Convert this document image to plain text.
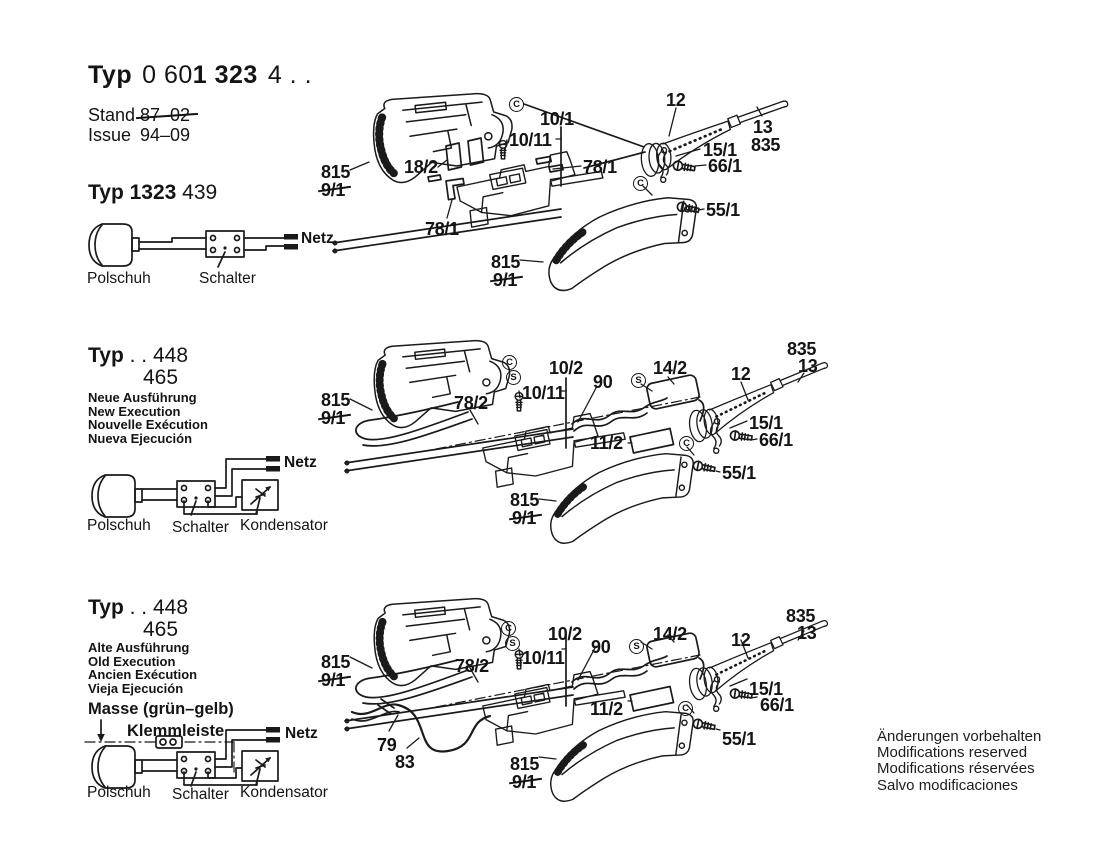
Typ 0 601 323 4 . .
Stand 87–02
Issue 94–09
Typ 1323 439
Polschuh	Schalter
Netz
Typ . . 448
465
Neue Ausführung
New Execution
Nouvelle Exécution
Nueva Ejecución
Polschuh Schalter Kondensator
Netz
Typ . . 448
465
Alte Ausführung
Old Execution
Ancien Exécution
Vieja Ejecución
Masse (grün–gelb)
Klemmleiste
Polschuh Schalter Kondensator
Netz	Änderungen vorbehalten
Modifications reserved
Modifications réservées
Salvo modificaciones
815
9/1
18/2
78/1
10/11
10/1
78/1
12
13
835
15/1
66/1
55/1
815
9/1
C
C
815
9/1
78/2 10/11
10/2
90
14/2 12
835
13
15/1
66/1
11/2
55/1
815
9/1
C
S	S
C
815
9/1
78/2 10/11
10/2
90
14/2 12
835
13
15/1
66/1
11/2
55/1
79
83	815
9/1
C
S	S
C
